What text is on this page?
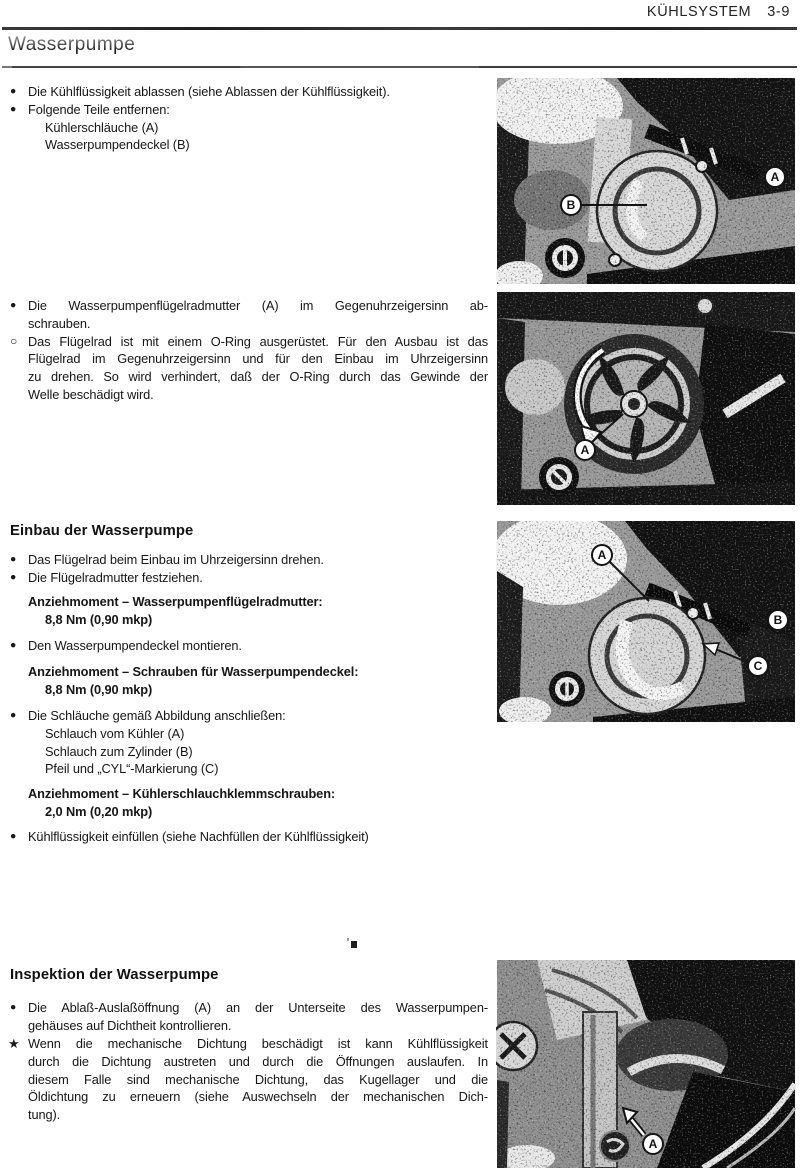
KÜHLSYSTEM 3-9
Wasserpumpe
● Die Kühlflüssigkeit ablassen (siehe Ablassen der Kühlflüssigkeit).
● Folgende Teile entfernen:
Kühlerschläuche (A)
Wasserpumpendeckel (B)
● Die Wasserpumpenflügelradmutter (A) im Gegenuhrzeigersinn ab-
schrauben.
○ Das Flügelrad ist mit einem O-Ring ausgerüstet. Für den Ausbau ist das
Flügelrad im Gegenuhrzeigersinn und für den Einbau im Uhrzeigersinn
zu drehen. So wird verhindert, daß der O-Ring durch das Gewinde der
Welle beschädigt wird.
Einbau der Wasserpumpe
● Das Flügelrad beim Einbau im Uhrzeigersinn drehen.
● Die Flügelradmutter festziehen.
Anziehmoment – Wasserpumpenflügelradmutter:
8,8 Nm (0,90 mkp)
● Den Wasserpumpendeckel montieren.
Anziehmoment – Schrauben für Wasserpumpendeckel:
8,8 Nm (0,90 mkp)
● Die Schläuche gemäß Abbildung anschließen:
Schlauch vom Kühler (A)
Schlauch zum Zylinder (B)
Pfeil und „CYL“-Markierung (C)
Anziehmoment – Kühlerschlauchklemmschrauben:
2,0 Nm (0,20 mkp)
● Kühlflüssigkeit einfüllen (siehe Nachfüllen der Kühlflüssigkeit)
Inspektion der Wasserpumpe
● Die Ablaß-Auslaßöffnung (A) an der Unterseite des Wasserpumpen-
gehäuses auf Dichtheit kontrollieren.
★ Wenn die mechanische Dichtung beschädigt ist kann Kühlflüssigkeit
durch die Dichtung austreten und durch die Öffnungen auslaufen. In
diesem Falle sind mechanische Dichtung, das Kugellager und die
Öldichtung zu erneuern (siehe Auswechseln der mechanischen Dich-
tung).
B
A
A
A
B
C
A
